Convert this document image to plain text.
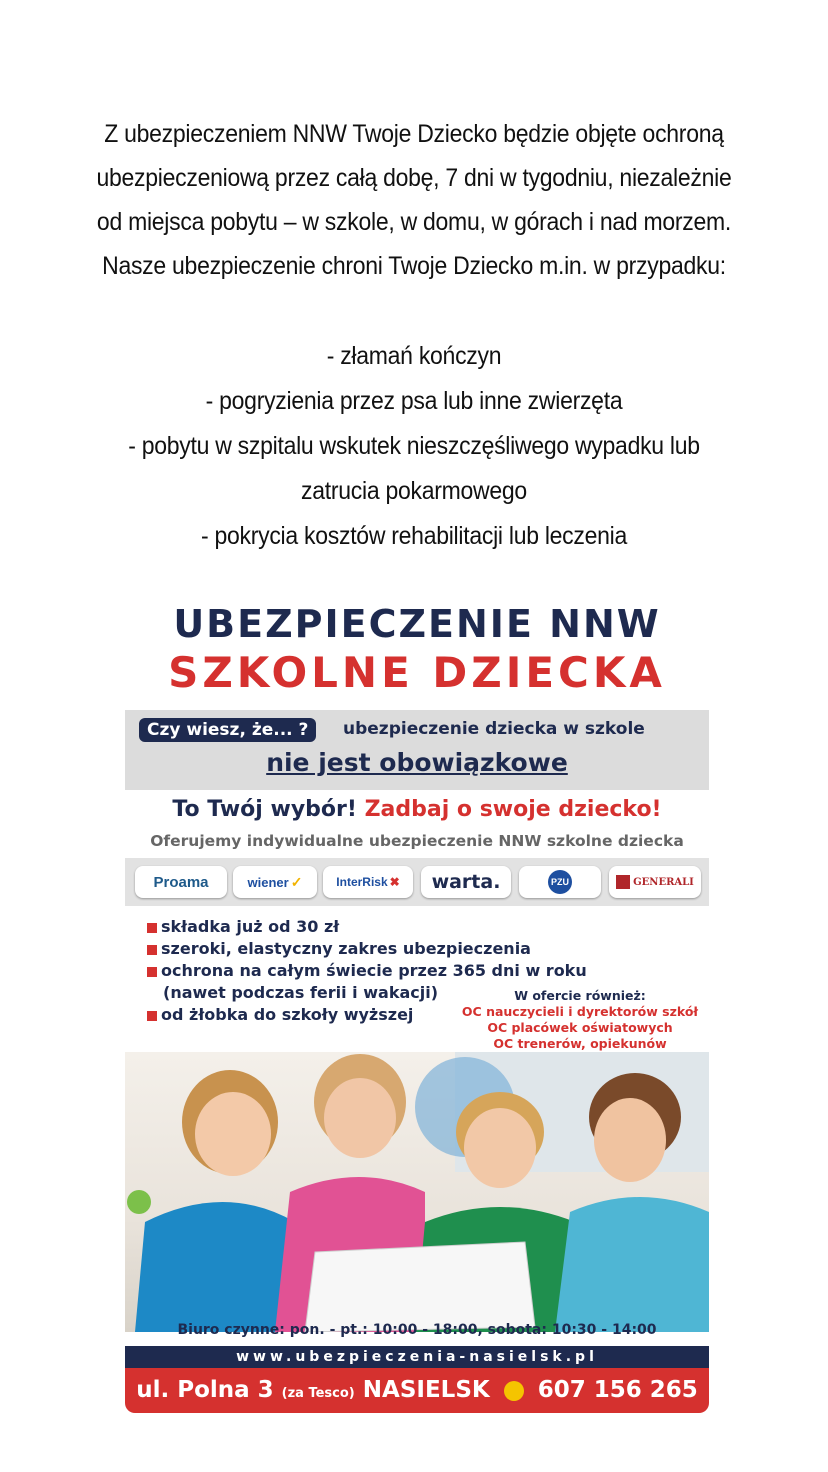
Z ubezpieczeniem NNW Twoje Dziecko będzie objęte ochroną

ubezpieczeniową przez całą dobę, 7 dni w tygodniu, niezależnie

od miejsca pobytu – w szkole, w domu, w górach i nad morzem.

Nasze ubezpieczenie chroni Twoje Dziecko m.in. w przypadku:

- złamań kończyn

- pogryzienia przez psa lub inne zwierzęta

- pobytu w szpitalu wskutek nieszczęśliwego wypadku lub

zatrucia pokarmowego

- pokrycia kosztów rehabilitacji lub leczenia

UBEZPIECZENIE NNW
SZKOLNE DZIECKA
Czy wiesz, że... ?	ubezpieczenie dziecka w szkole
nie jest obowiązkowe
To Twój wybór! Zadbaj o swoje dziecko!
Oferujemy indywidualne ubezpieczenie NNW szkolne dziecka
Proama	wiener ✓	InterRisk ✖ warta.	PZU	GENERALI
składka już od 30 zł
szeroki, elastyczny zakres ubezpieczenia
ochrona na całym świecie przez 365 dni w roku
(nawet podczas ferii i wakacji)
od żłobka do szkoły wyższej
W ofercie również:
OC nauczycieli i dyrektorów szkół
OC placówek oświatowych
OC trenerów, opiekunów
Biuro czynne: pon. - pt.: 10:00 - 18:00, sobota: 10:30 - 14:00
www.ubezpieczenia-nasielsk.pl
ul. Polna 3 (za Tesco) NASIELSK 607 156 265
